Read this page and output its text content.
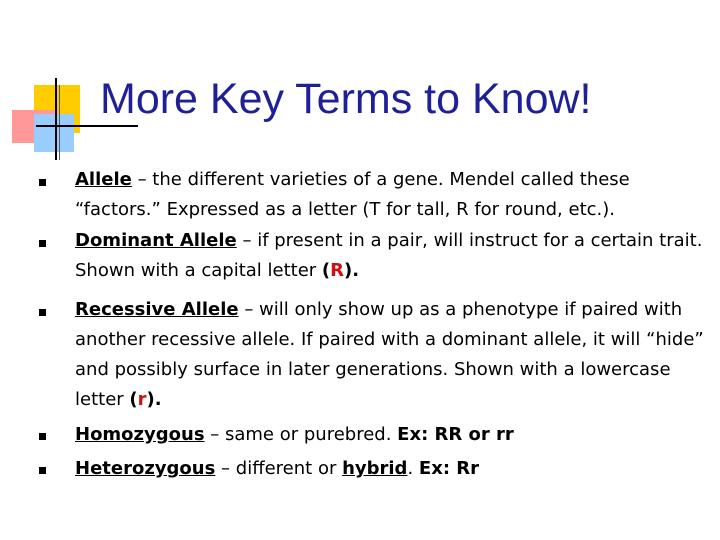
More Key Terms to Know!
Allele – the different varieties of a gene. Mendel called these
“factors.” Expressed as a letter (T for tall, R for round, etc.).
Dominant Allele – if present in a pair, will instruct for a certain trait.
Shown with a capital letter (R).
Recessive Allele – will only show up as a phenotype if paired with
another recessive allele. If paired with a dominant allele, it will “hide”
and possibly surface in later generations. Shown with a lowercase
letter (r).
Homozygous – same or purebred. Ex: RR or rr
Heterozygous – different or hybrid. Ex: Rr
